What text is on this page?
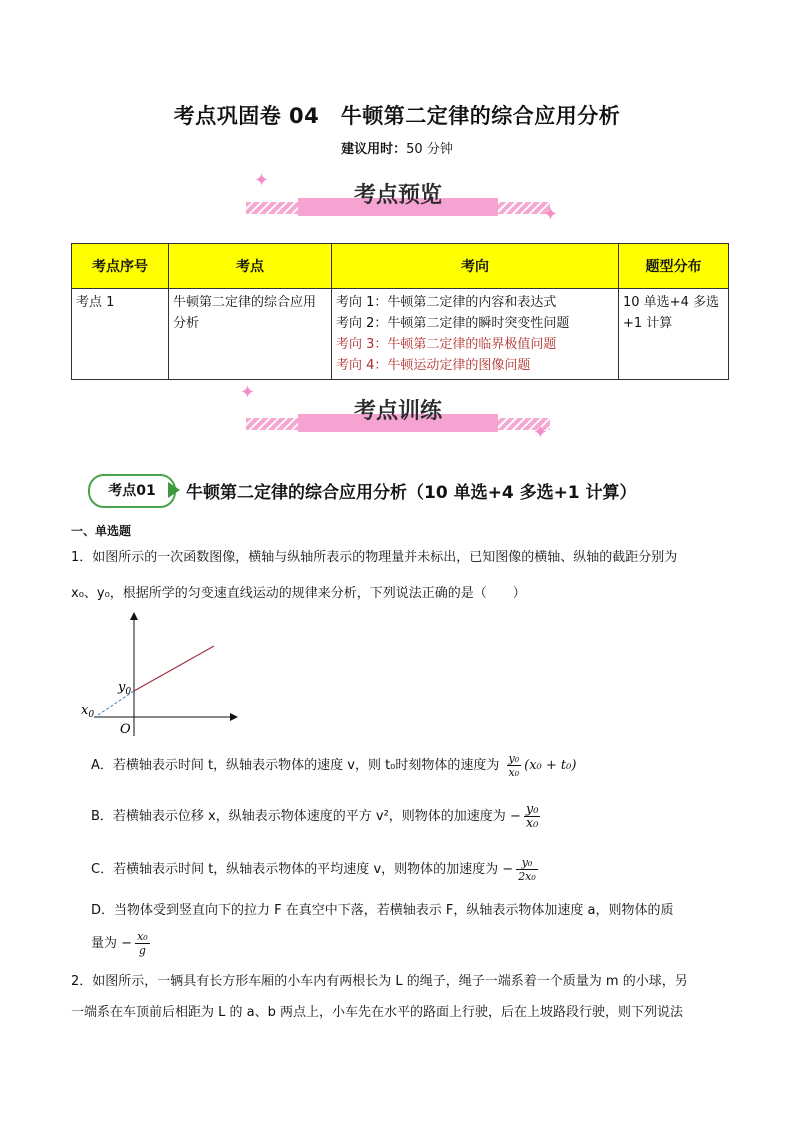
考点巩固卷 04　牛顿第二定律的综合应用分析
建议用时：50 分钟
考点预览
✦
✦
考点序号	考点	考向	题型分布
考点 1	牛顿第二定律的综合应用分析	考向 1：牛顿第二定律的内容和表达式
考向 2：牛顿第二定律的瞬时突变性问题
考向 3：牛顿第二定律的临界极值问题
考向 4：牛顿运动定律的图像问题	10 单选+4 多选+1 计算
考点训练
✦
✦
考点01	牛顿第二定律的综合应用分析（10 单选+4 多选+1 计算）
一、单选题
1．如图所示的一次函数图像，横轴与纵轴所表示的物理量并未标出，已知图像的横轴、纵轴的截距分别为
x₀、y₀，根据所学的匀变速直线运动的规律来分析，下列说法正确的是（　　）
$y_0$
$x_0$
O
A．若横轴表示时间 t，纵轴表示物体的速度 v，则 t₀时刻物体的速度为 $\frac{\text{y₀}}{\text{x₀}} (x_0 + t_0)$
B．若横轴表示位移 x，纵轴表示物体速度的平方 v²，则物体的加速度为 − $\frac{\text{y₀}}{\text{x₀}}$
C．若横轴表示时间 t，纵轴表示物体的平均速度 v，则物体的加速度为 − $\frac{\text{y₀}}{\text{2x₀}}$
D．当物体受到竖直向下的拉力 F 在真空中下落，若横轴表示 F，纵轴表示物体加速度 a，则物体的质
量为 − $\frac{\text{x₀}}{g}$
2．如图所示，一辆具有长方形车厢的小车内有两根长为 L 的绳子，绳子一端系着一个质量为 m 的小球，另
一端系在车顶前后相距为 L 的 a、b 两点上，小车先在水平的路面上行驶，后在上坡路段行驶，则下列说法
